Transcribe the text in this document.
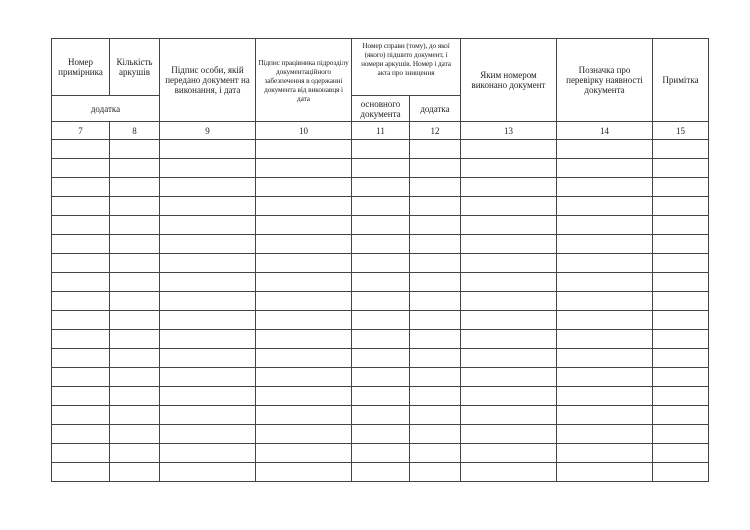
Номер примірника	Кількість аркушів	Підпис особи, якій передано документ на виконання, і дата	Підпис працівника підрозділу документаційного забезпечення в одержанні документа від виконавця і дата	Номер справи (тому), до якої (якого) підшито документ, і номери аркушів. Номер і дата акта про знищення		Яким номером виконано документ	Позначка про перевірку наявності документа	Примітка
додатка				основного документа	додатка			
7	8	9	10	11	12	13	14	15
